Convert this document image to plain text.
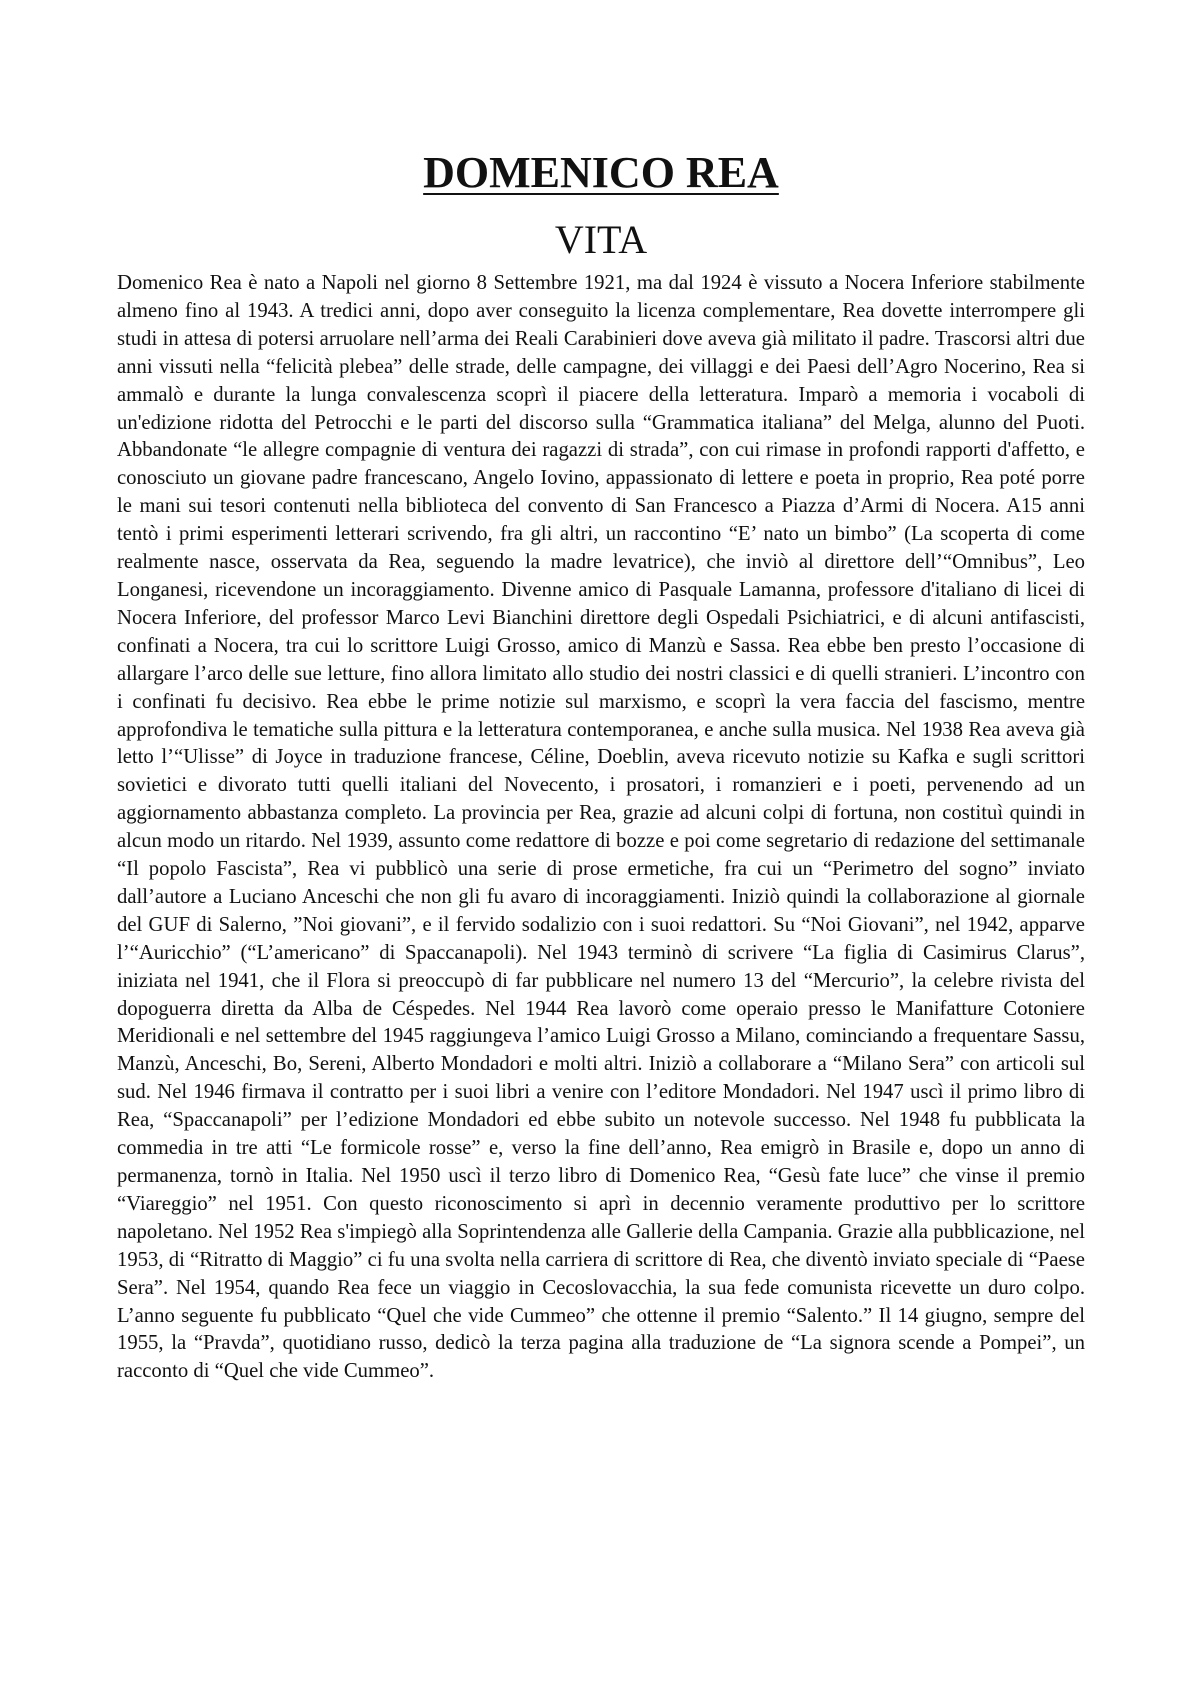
DOMENICO REA
VITA

Domenico Rea è nato a Napoli nel giorno 8 Settembre 1921, ma dal 1924 è vissuto a Nocera Inferiore stabilmente almeno fino al 1943. A tredici anni, dopo aver conseguito la licenza complementare, Rea dovette interrompere gli studi in attesa di potersi arruolare nell’arma dei Reali Carabinieri dove aveva già militato il padre. Trascorsi altri due anni vissuti nella “felicità plebea” delle strade, delle campagne, dei villaggi e dei Paesi dell’Agro Nocerino, Rea si ammalò e durante la lunga convalescenza scoprì il piacere della letteratura. Imparò a memoria i vocaboli di un'edizione ridotta del Petrocchi e le parti del discorso sulla “Grammatica italiana” del Melga, alunno del Puoti. Abbandonate “le allegre compagnie di ventura dei ragazzi di strada”, con cui rimase in profondi rapporti d'affetto, e conosciuto un giovane padre francescano, Angelo Iovino, appassionato di lettere e poeta in proprio, Rea poté porre le mani sui tesori contenuti nella biblioteca del convento di San Francesco a Piazza d’Armi di Nocera. A15 anni tentò i primi esperimenti letterari scrivendo, fra gli altri, un raccontino “E’ nato un bimbo” (La scoperta di come realmente nasce, osservata da Rea, seguendo la madre levatrice), che inviò al direttore dell’“Omnibus”, Leo Longanesi, ricevendone un incoraggiamento. Divenne amico di Pasquale Lamanna, professore d'italiano di licei di Nocera Inferiore, del professor Marco Levi Bianchini direttore degli Ospedali Psichiatrici, e di alcuni antifascisti, confinati a Nocera, tra cui lo scrittore Luigi Grosso, amico di Manzù e Sassa. Rea ebbe ben presto l’occasione di allargare l’arco delle sue letture, fino allora limitato allo studio dei nostri classici e di quelli stranieri. L’incontro con i confinati fu decisivo. Rea ebbe le prime notizie sul marxismo, e scoprì la vera faccia del fascismo, mentre approfondiva le tematiche sulla pittura e la letteratura contemporanea, e anche sulla musica. Nel 1938 Rea aveva già letto l’“Ulisse” di Joyce in traduzione francese, Céline, Doeblin, aveva ricevuto notizie su Kafka e sugli scrittori sovietici e divorato tutti quelli italiani del Novecento, i prosatori, i romanzieri e i poeti, pervenendo ad un aggiornamento abbastanza completo. La provincia per Rea, grazie ad alcuni colpi di fortuna, non costituì quindi in alcun modo un ritardo. Nel 1939, assunto come redattore di bozze e poi come segretario di redazione del settimanale “Il popolo Fascista”, Rea vi pubblicò una serie di prose ermetiche, fra cui un “Perimetro del sogno” inviato dall’autore a Luciano Anceschi che non gli fu avaro di incoraggiamenti. Iniziò quindi la collaborazione al giornale del GUF di Salerno, ”Noi giovani”, e il fervido sodalizio con i suoi redattori. Su “Noi Giovani”, nel 1942, apparve l’“Auricchio” (“L’americano” di Spaccanapoli). Nel 1943 terminò di scrivere “La figlia di Casimirus Clarus”, iniziata nel 1941, che il Flora si preoccupò di far pubblicare nel numero 13 del “Mercurio”, la celebre rivista del dopoguerra diretta da Alba de Céspedes. Nel 1944 Rea lavorò come operaio presso le Manifatture Cotoniere Meridionali e nel settembre del 1945 raggiungeva l’amico Luigi Grosso a Milano, cominciando a frequentare Sassu, Manzù, Anceschi, Bo, Sereni, Alberto Mondadori e molti altri. Iniziò a collaborare a “Milano Sera” con articoli sul sud. Nel 1946 firmava il contratto per i suoi libri a venire con l’editore Mondadori. Nel 1947 uscì il primo libro di Rea, “Spaccanapoli” per l’edizione Mondadori ed ebbe subito un notevole successo. Nel 1948 fu pubblicata la commedia in tre atti “Le formicole rosse” e, verso la fine dell’anno, Rea emigrò in Brasile e, dopo un anno di permanenza, tornò in Italia. Nel 1950 uscì il terzo libro di Domenico Rea, “Gesù fate luce” che vinse il premio “Viareggio” nel 1951. Con questo riconoscimento si aprì in decennio veramente produttivo per lo scrittore napoletano. Nel 1952 Rea s'impiegò alla Soprintendenza alle Gallerie della Campania. Grazie alla pubblicazione, nel 1953, di “Ritratto di Maggio” ci fu una svolta nella carriera di scrittore di Rea, che diventò inviato speciale di “Paese Sera”. Nel 1954, quando Rea fece un viaggio in Cecoslovacchia, la sua fede comunista ricevette un duro colpo. L’anno seguente fu pubblicato “Quel che vide Cummeo” che ottenne il premio “Salento.” Il 14 giugno, sempre del 1955, la “Pravda”, quotidiano russo, dedicò la terza pagina alla traduzione de “La signora scende a Pompei”, un racconto di “Quel che vide Cummeo”.
